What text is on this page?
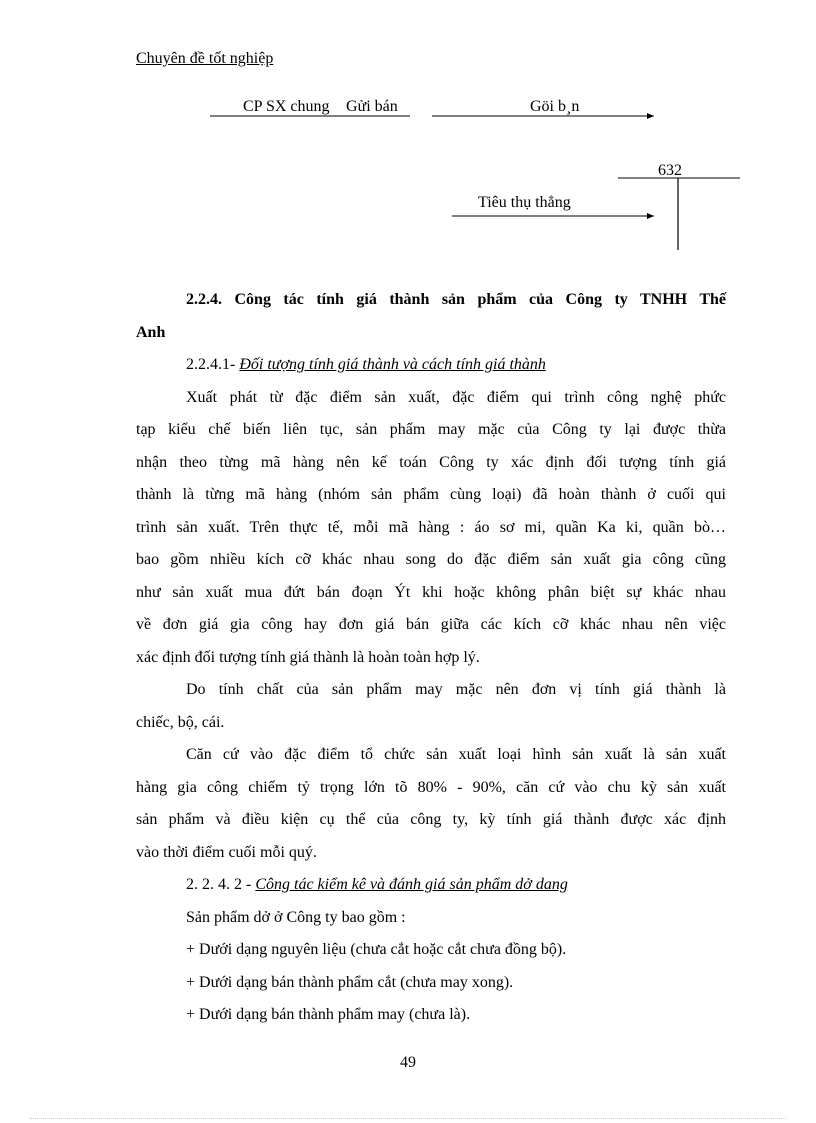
Chuyên đề tốt nghiệp
CP SX chung Gửi bán	Göi b¸n
632
Tiêu thụ thẳng

2.2.4. Công tác tính giá thành sản phẩm của Công ty TNHH Thế

Anh

2.2.4.1- Đối tượng tính giá thành và cách tính giá thành

Xuất phát từ đặc điểm sản xuất, đặc điểm qui trình công nghệ phức

tạp kiểu chế biến liên tục, sản phẩm may mặc của Công ty lại được thừa

nhận theo từng mã hàng nên kế toán Công ty xác định đối tượng tính giá

thành là từng mã hàng (nhóm sản phẩm cùng loại) đã hoàn thành ở cuối qui

trình sản xuất. Trên thực tế, mỗi mã hàng : áo sơ mi, quần Ka ki, quần bò…

bao gồm nhiều kích cỡ khác nhau song do đặc điểm sản xuất gia công cũng

như sản xuất mua đứt bán đoạn Ýt khi hoặc không phân biệt sự khác nhau

về đơn giá gia công hay đơn giá bán giữa các kích cỡ khác nhau nên việc

xác định đối tượng tính giá thành là hoàn toàn hợp lý.

Do tính chất của sản phẩm may mặc nên đơn vị tính giá thành là

chiếc, bộ, cái.

Căn cứ vào đặc điểm tổ chức sản xuất loại hình sản xuất là sản xuất

hàng gia công chiếm tỷ trọng lớn tõ 80% - 90%, căn cứ vào chu kỳ sản xuất

sản phẩm và điều kiện cụ thể của công ty, kỳ tính giá thành được xác định

vào thời điểm cuối mỗi quý.

2. 2. 4. 2 - Công tác kiểm kê và đánh giá sản phẩm dở dang

Sản phẩm dở ở Công ty bao gồm :

+ Dưới dạng nguyên liệu (chưa cắt hoặc cắt chưa đồng bộ).

+ Dưới dạng bán thành phẩm cắt (chưa may xong).

+ Dưới dạng bán thành phẩm may (chưa là).

49
